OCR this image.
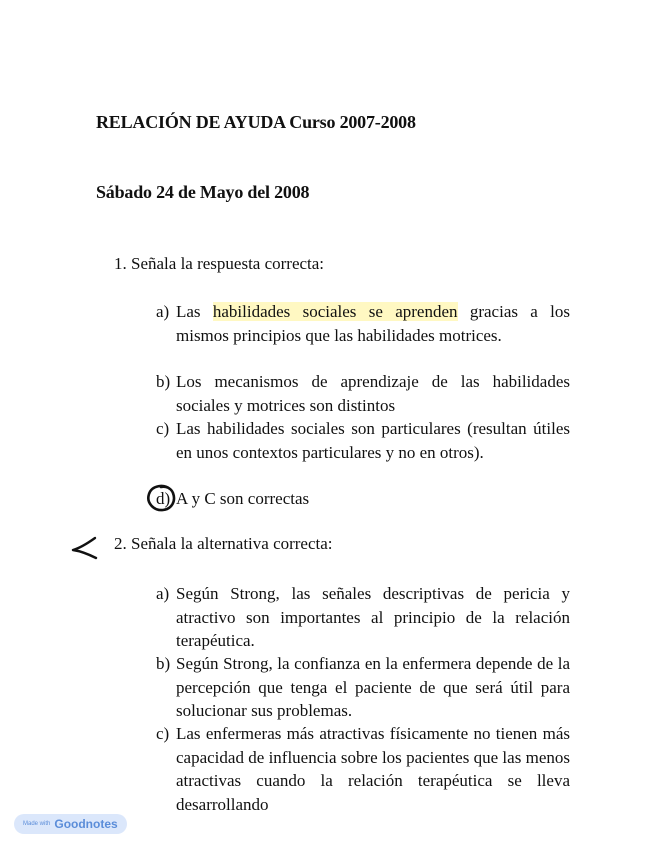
RELACIÓN DE AYUDA Curso 2007-2008
Sábado 24 de Mayo del 2008
1. Señala la respuesta correcta:
a) Las habilidades sociales se aprenden gracias a los mismos principios que las habilidades motrices.
b) Los mecanismos de aprendizaje de las habilidades sociales y motrices son distintos
c) Las habilidades sociales son particulares (resultan útiles en unos contextos particulares y no en otros).
d) A y C son correctas
2. Señala la alternativa correcta:
a) Según Strong, las señales descriptivas de pericia y atractivo son importantes al principio de la relación terapéutica.
b) Según Strong, la confianza en la enfermera depende de la percepción que tenga el paciente de que será útil para solucionar sus problemas.
c) Las enfermeras más atractivas físicamente no tienen más capacidad de influencia sobre los pacientes que las menos atractivas cuando la relación terapéutica se lleva desarrollando
Made with Goodnotes
